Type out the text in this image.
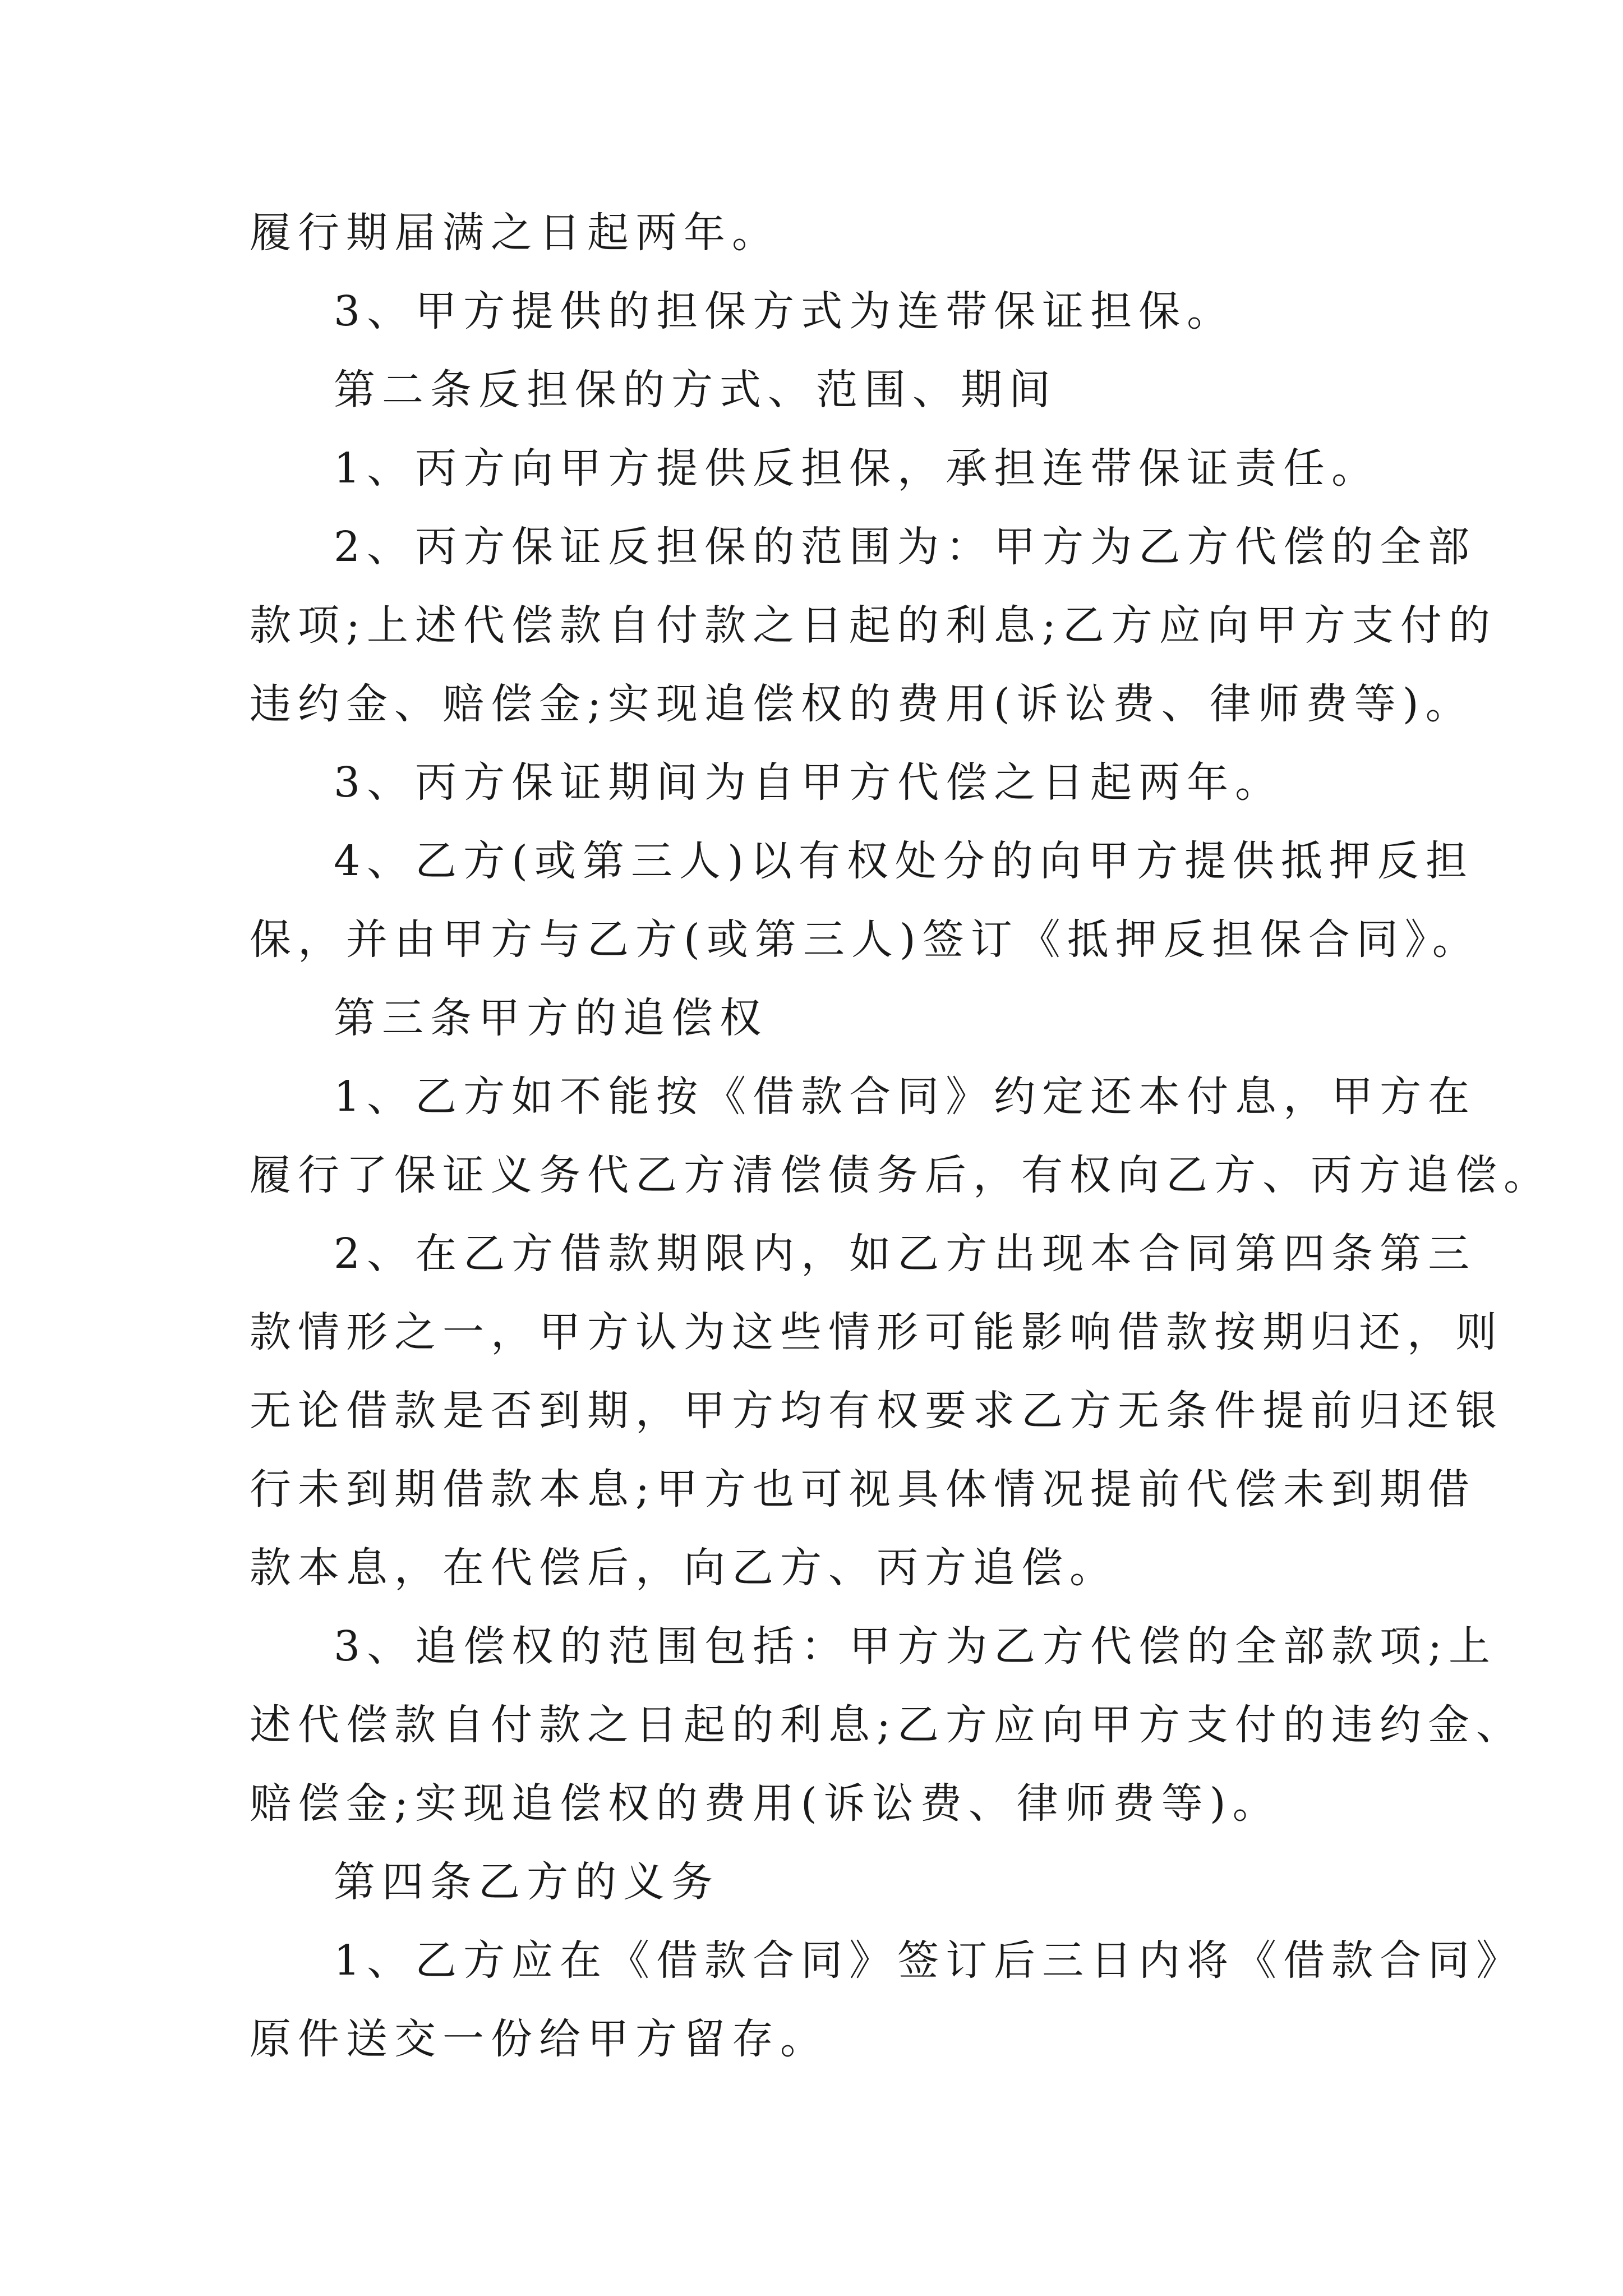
履行期届满之日起两年。
3、甲方提供的担保方式为连带保证担保。
第二条反担保的方式、范围、期间
1、丙方向甲方提供反担保，承担连带保证责任。
2、丙方保证反担保的范围为：甲方为乙方代偿的全部
款项;上述代偿款自付款之日起的利息;乙方应向甲方支付的
违约金、赔偿金;实现追偿权的费用(诉讼费、律师费等)。
3、丙方保证期间为自甲方代偿之日起两年。
4、乙方(或第三人)以有权处分的向甲方提供抵押反担
保，并由甲方与乙方(或第三人)签订《抵押反担保合同》。
第三条甲方的追偿权
1、乙方如不能按《借款合同》约定还本付息，甲方在
履行了保证义务代乙方清偿债务后，有权向乙方、丙方追偿。
2、在乙方借款期限内，如乙方出现本合同第四条第三
款情形之一，甲方认为这些情形可能影响借款按期归还，则
无论借款是否到期，甲方均有权要求乙方无条件提前归还银
行未到期借款本息;甲方也可视具体情况提前代偿未到期借
款本息，在代偿后，向乙方、丙方追偿。
3、追偿权的范围包括：甲方为乙方代偿的全部款项;上
述代偿款自付款之日起的利息;乙方应向甲方支付的违约金、
赔偿金;实现追偿权的费用(诉讼费、律师费等)。
第四条乙方的义务
1、乙方应在《借款合同》签订后三日内将《借款合同》
原件送交一份给甲方留存。
